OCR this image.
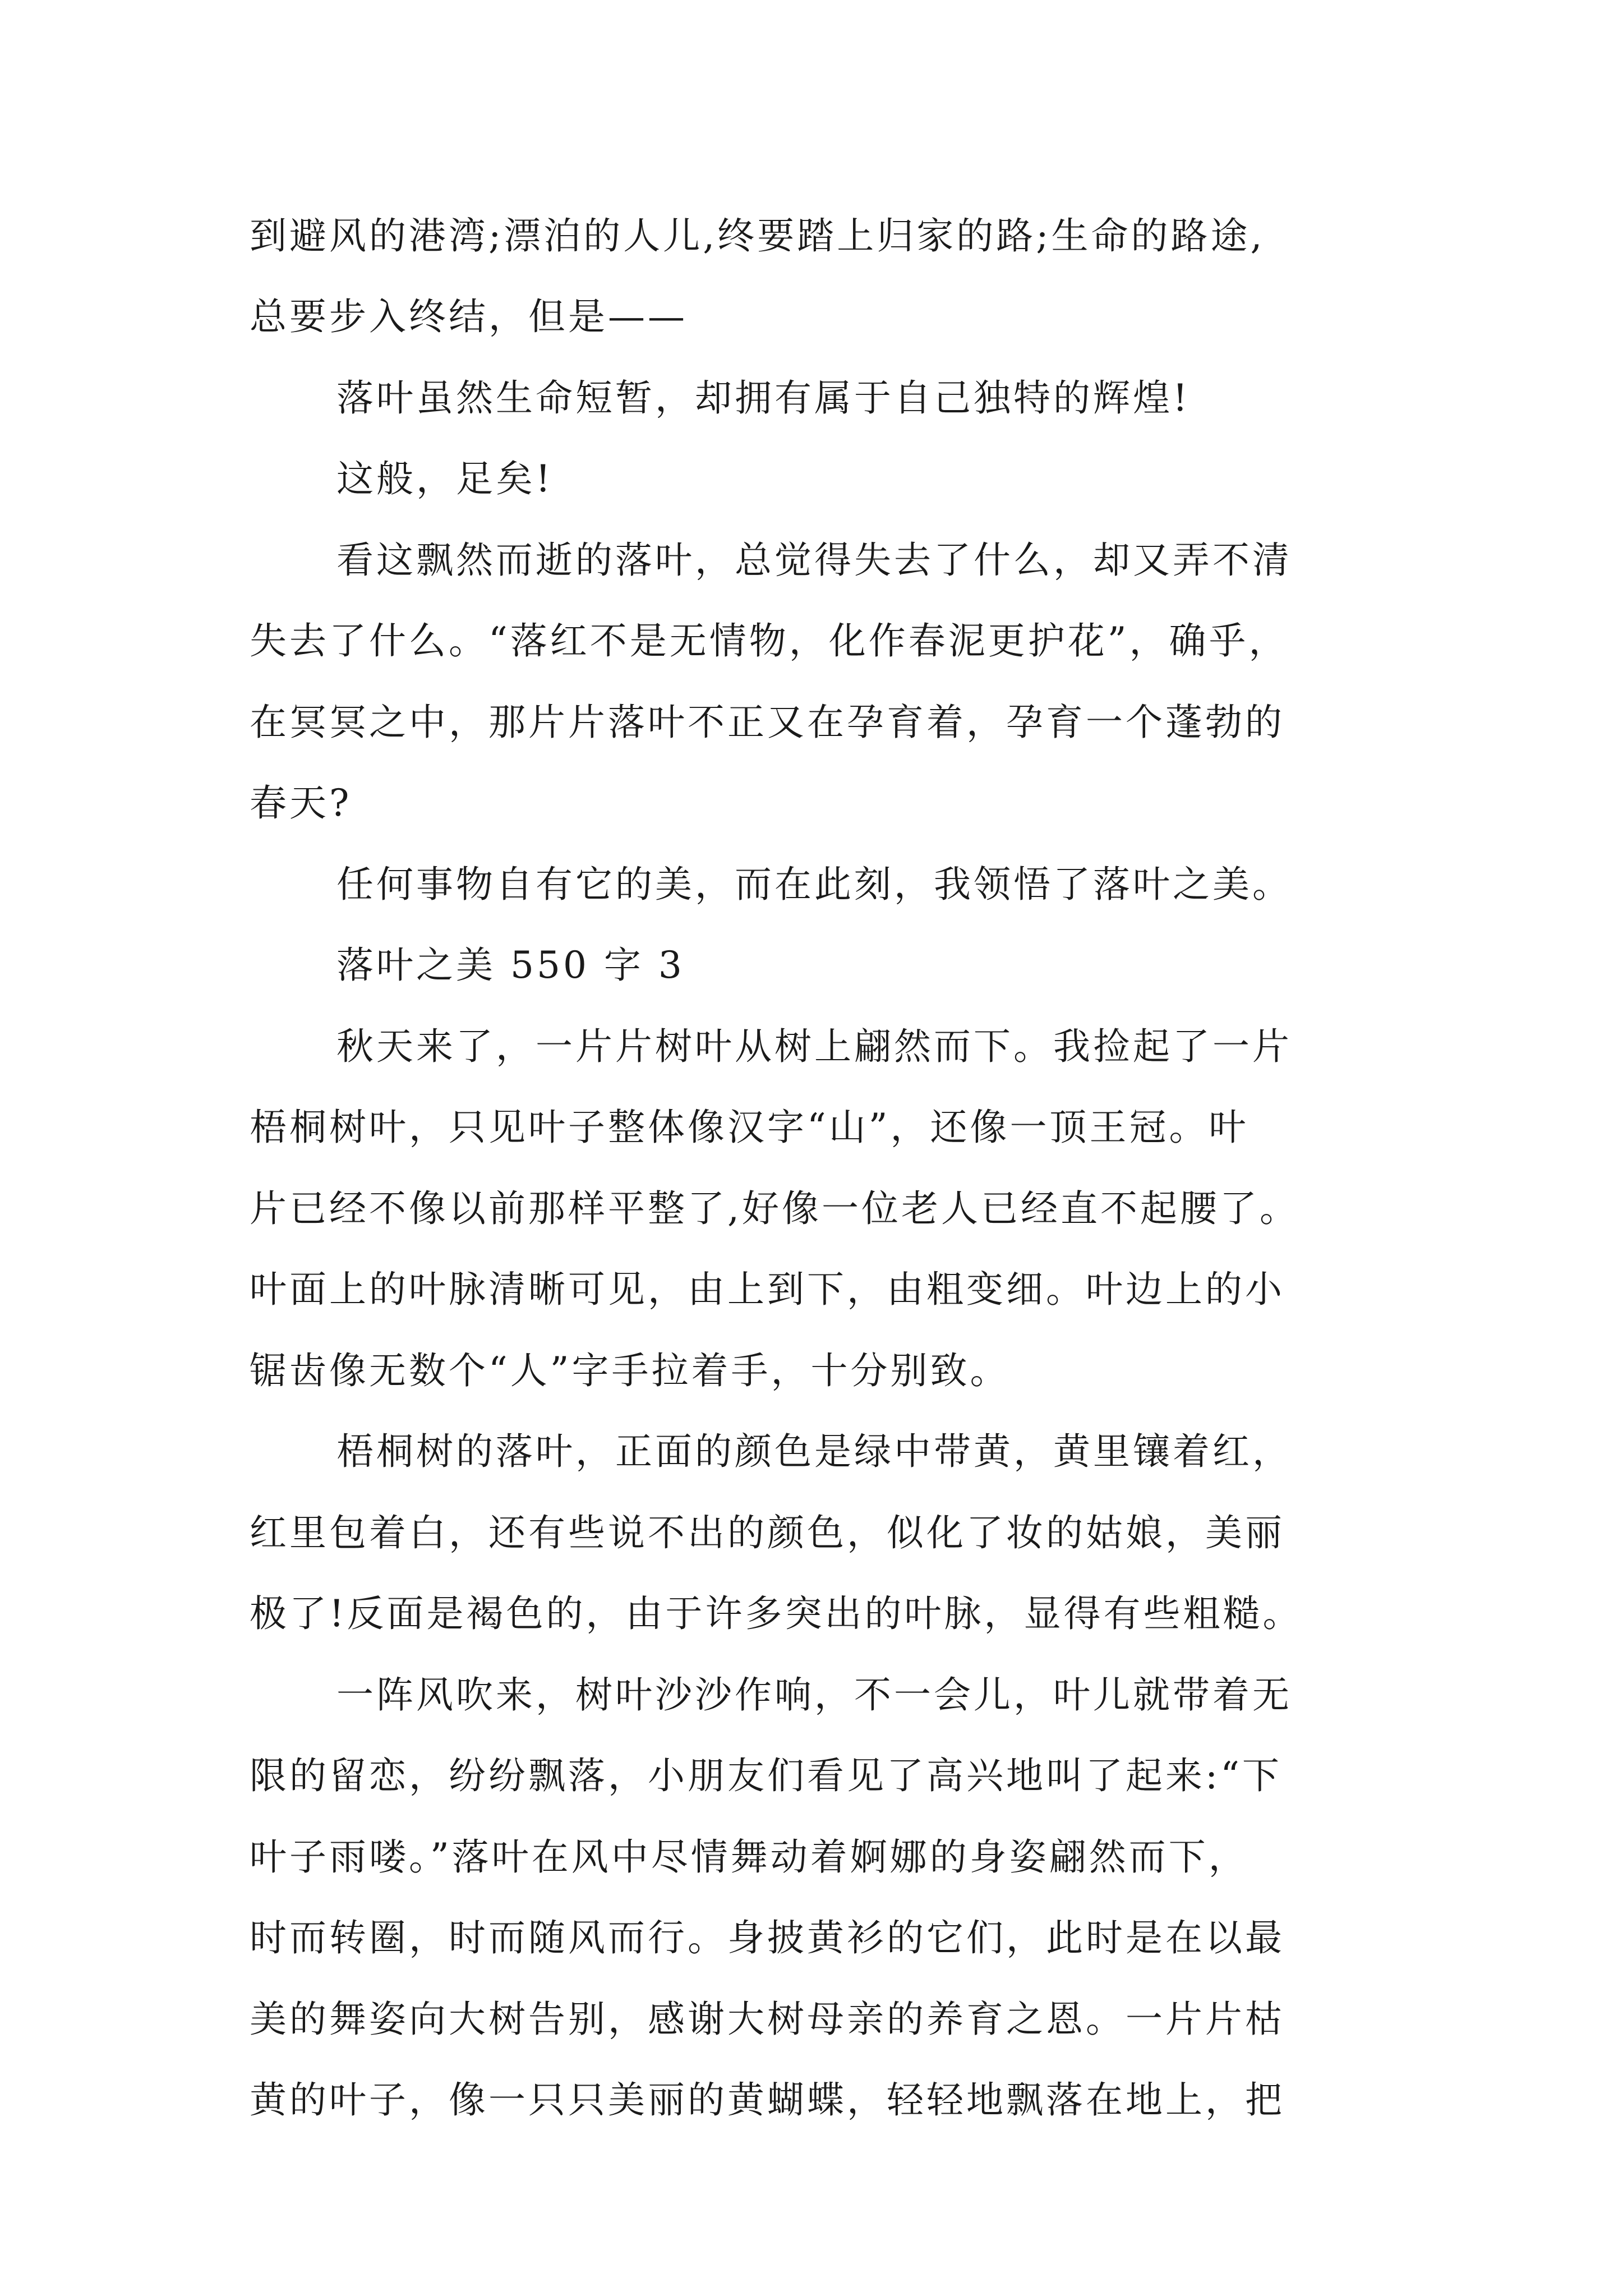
到避风的港湾;漂泊的人儿,终要踏上归家的路;生命的路途,
总要步入终结，但是——
落叶虽然生命短暂，却拥有属于自己独特的辉煌!
这般，足矣!
看这飘然而逝的落叶，总觉得失去了什么，却又弄不清
失去了什么。“落红不是无情物，化作春泥更护花”，确乎，
在冥冥之中，那片片落叶不正又在孕育着，孕育一个蓬勃的
春天?
任何事物自有它的美，而在此刻，我领悟了落叶之美。
落叶之美 550 字 3
秋天来了，一片片树叶从树上翩然而下。我捡起了一片
梧桐树叶，只见叶子整体像汉字“山”，还像一顶王冠。叶
片已经不像以前那样平整了,好像一位老人已经直不起腰了。
叶面上的叶脉清晰可见，由上到下，由粗变细。叶边上的小
锯齿像无数个“人”字手拉着手，十分别致。
梧桐树的落叶，正面的颜色是绿中带黄，黄里镶着红，
红里包着白，还有些说不出的颜色，似化了妆的姑娘，美丽
极了!反面是褐色的，由于许多突出的叶脉，显得有些粗糙。
一阵风吹来，树叶沙沙作响，不一会儿，叶儿就带着无
限的留恋，纷纷飘落，小朋友们看见了高兴地叫了起来:“下
叶子雨喽。”落叶在风中尽情舞动着婀娜的身姿翩然而下，
时而转圈，时而随风而行。身披黄衫的它们，此时是在以最
美的舞姿向大树告别，感谢大树母亲的养育之恩。一片片枯
黄的叶子，像一只只美丽的黄蝴蝶，轻轻地飘落在地上，把
